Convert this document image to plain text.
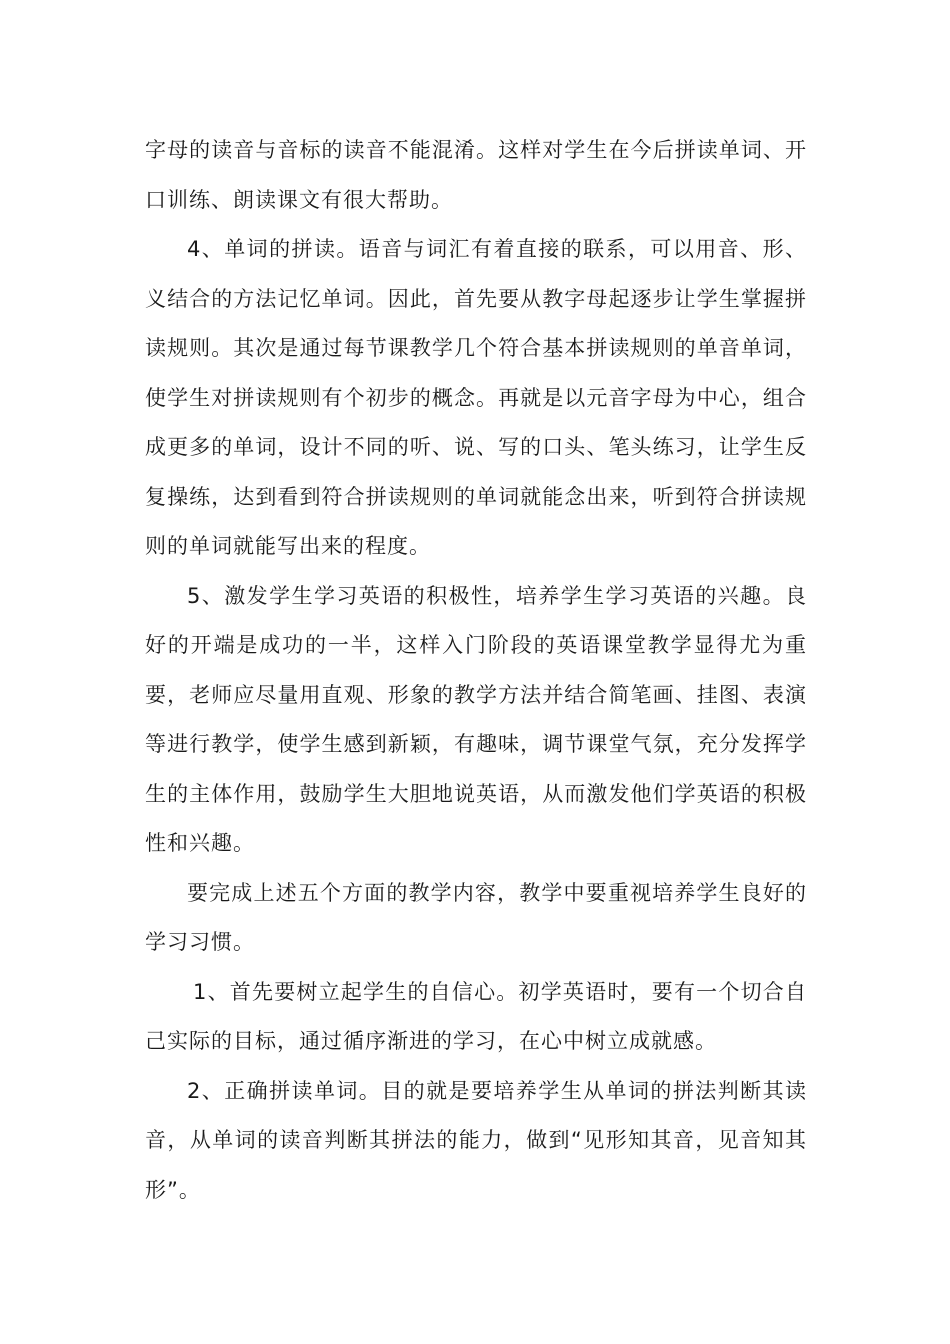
字母的读音与音标的读音不能混淆。这样对学生在今后拼读单词、开口训练、朗读课文有很大帮助。

4、单词的拼读。语音与词汇有着直接的联系，可以用音、形、义结合的方法记忆单词。因此，首先要从教字母起逐步让学生掌握拼读规则。其次是通过每节课教学几个符合基本拼读规则的单音单词，使学生对拼读规则有个初步的概念。再就是以元音字母为中心，组合成更多的单词，设计不同的听、说、写的口头、笔头练习，让学生反复操练，达到看到符合拼读规则的单词就能念出来，听到符合拼读规则的单词就能写出来的程度。

5、激发学生学习英语的积极性，培养学生学习英语的兴趣。良好的开端是成功的一半，这样入门阶段的英语课堂教学显得尤为重要，老师应尽量用直观、形象的教学方法并结合简笔画、挂图、表演等进行教学，使学生感到新颖，有趣味，调节课堂气氛，充分发挥学生的主体作用，鼓励学生大胆地说英语，从而激发他们学英语的积极性和兴趣。

要完成上述五个方面的教学内容，教学中要重视培养学生良好的学习习惯。

1、首先要树立起学生的自信心。初学英语时，要有一个切合自己实际的目标，通过循序渐进的学习，在心中树立成就感。

2、正确拼读单词。目的就是要培养学生从单词的拼法判断其读音，从单词的读音判断其拼法的能力，做到“见形知其音，见音知其形”。
